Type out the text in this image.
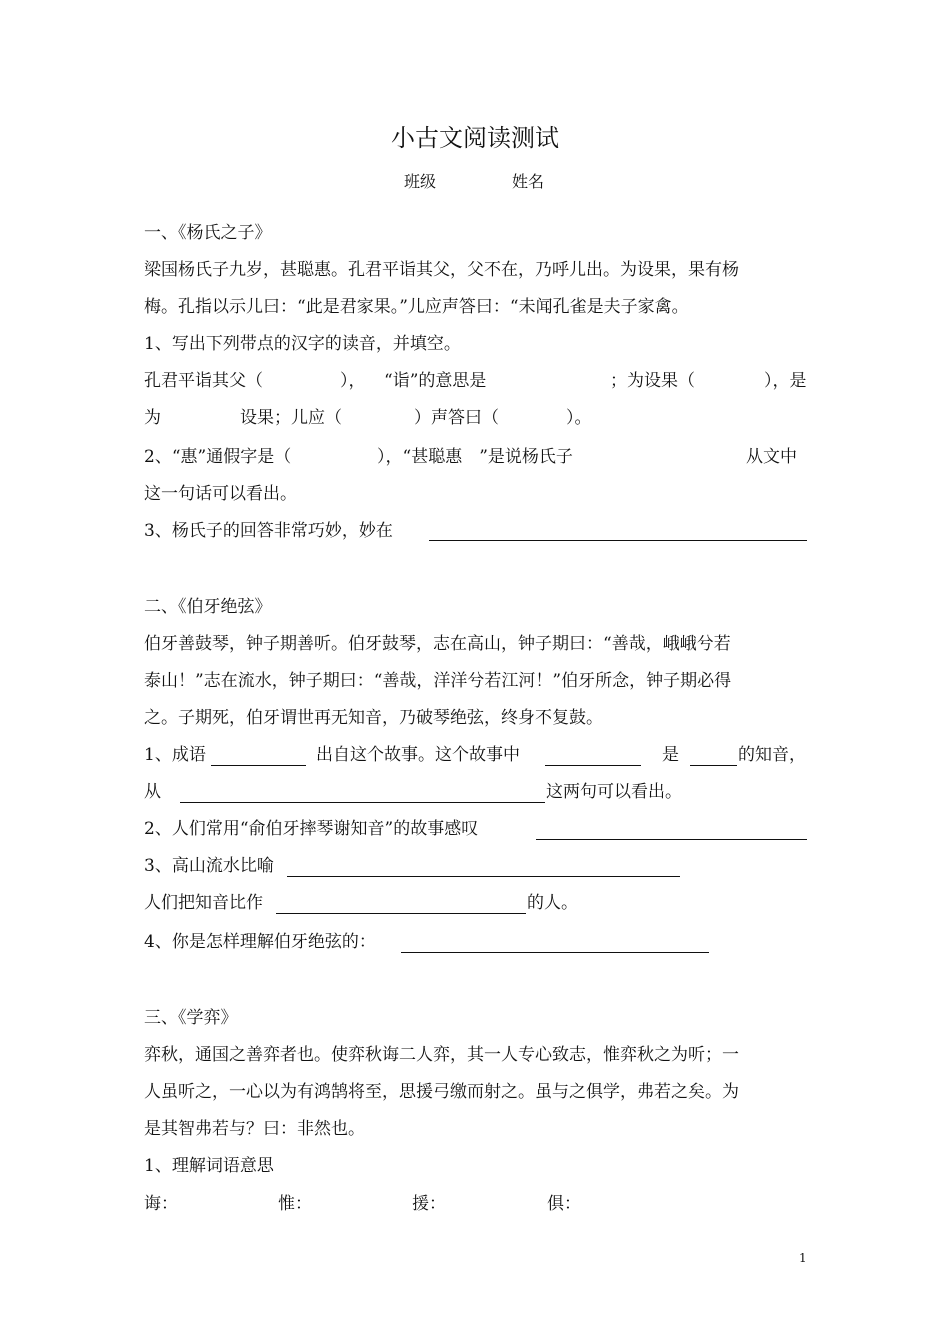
小古文阅读测试
班级	姓名
一、《杨氏之子》
梁国杨氏子九岁，甚聪惠。孔君平诣其父，父不在，乃呼儿出。为设果，果有杨
梅。孔指以示儿曰：“此是君家果。”儿应声答曰：“未闻孔雀是夫子家禽。
1、写出下列带点的汉字的读音，并填空。
孔君平诣其父（	）， “诣”的意思是	；为设果（	），是
为	设果；儿应（	）声答曰（	）。
2、“惠”通假字是（	），“甚聪惠　”是说杨氏子	从文中
这一句话可以看出。
3、杨氏子的回答非常巧妙，妙在
二、《伯牙绝弦》
伯牙善鼓琴，钟子期善听。伯牙鼓琴，志在高山，钟子期曰：“善哉，峨峨兮若
泰山！”志在流水，钟子期曰：“善哉，洋洋兮若江河！”伯牙所念，钟子期必得
之。子期死，伯牙谓世再无知音，乃破琴绝弦，终身不复鼓。
1、成语	出自这个故事。这个故事中	是	的知音，
从	这两句可以看出。
2、人们常用“俞伯牙摔琴谢知音”的故事感叹
3、高山流水比喻
人们把知音比作	的人。
4、你是怎样理解伯牙绝弦的：
三、《学弈》
弈秋，通国之善弈者也。使弈秋诲二人弈，其一人专心致志，惟弈秋之为听；一
人虽听之，一心以为有鸿鹄将至，思援弓缴而射之。虽与之俱学，弗若之矣。为
是其智弗若与？曰：非然也。
1、理解词语意思
诲：	惟：	援：	俱：
1
